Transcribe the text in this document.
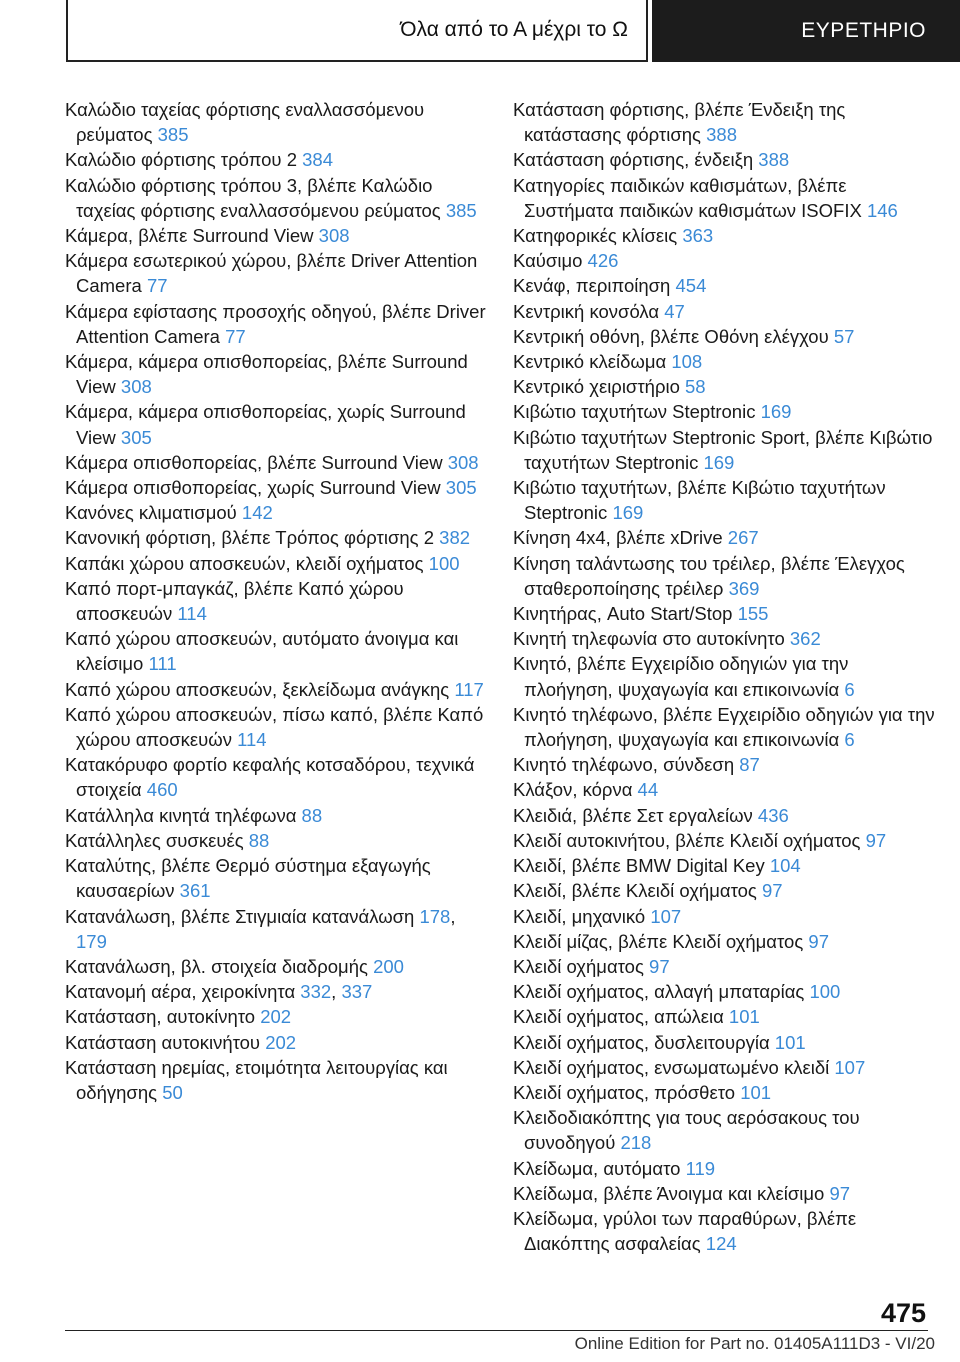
Όλα από το Α μέχρι το Ω	ΕΥΡΕΤΗΡΙΟ
Καλώδιο ταχείας φόρτισης εναλλασσόμενου ρεύματος 385
Καλώδιο φόρτισης τρόπου 2 384
Καλώδιο φόρτισης τρόπου 3, βλέπε Καλώδιο ταχείας φόρτισης εναλλασσόμενου ρεύματος 385
Κάμερα, βλέπε Surround View 308
Κάμερα εσωτερικού χώρου, βλέπε Driver Attention Camera 77
Κάμερα εφίστασης προσοχής οδηγού, βλέπε Driver Attention Camera 77
Κάμερα, κάμερα οπισθοπορείας, βλέπε Surround View 308
Κάμερα, κάμερα οπισθοπορείας, χωρίς Surround View 305
Κάμερα οπισθοπορείας, βλέπε Surround View 308
Κάμερα οπισθοπορείας, χωρίς Surround View 305
Κανόνες κλιματισμού 142
Κανονική φόρτιση, βλέπε Τρόπος φόρτισης 2 382
Καπάκι χώρου αποσκευών, κλειδί οχήματος 100
Καπό πορτ-μπαγκάζ, βλέπε Καπό χώρου αποσκευών 114
Καπό χώρου αποσκευών, αυτόματο άνοιγμα και κλείσιμο 111
Καπό χώρου αποσκευών, ξεκλείδωμα ανάγκης 117
Καπό χώρου αποσκευών, πίσω καπό, βλέπε Καπό χώρου αποσκευών 114
Κατακόρυφο φορτίο κεφαλής κοτσαδόρου, τεχνικά στοιχεία 460
Κατάλληλα κινητά τηλέφωνα 88
Κατάλληλες συσκευές 88
Καταλύτης, βλέπε Θερμό σύστημα εξαγωγής καυσαερίων 361
Κατανάλωση, βλέπε Στιγμιαία κατανάλωση 178, 179
Κατανάλωση, βλ. στοιχεία διαδρομής 200
Κατανομή αέρα, χειροκίνητα 332, 337
Κατάσταση, αυτοκίνητο 202
Κατάσταση αυτοκινήτου 202
Κατάσταση ηρεμίας, ετοιμότητα λειτουργίας και οδήγησης 50
Κατάσταση φόρτισης, βλέπε Ένδειξη της κατάστασης φόρτισης 388
Κατάσταση φόρτισης, ένδειξη 388
Κατηγορίες παιδικών καθισμάτων, βλέπε Συστήματα παιδικών καθισμάτων ISOFIX 146
Κατηφορικές κλίσεις 363
Καύσιμο 426
Κενάφ, περιποίηση 454
Κεντρική κονσόλα 47
Κεντρική οθόνη, βλέπε Οθόνη ελέγχου 57
Κεντρικό κλείδωμα 108
Κεντρικό χειριστήριο 58
Κιβώτιο ταχυτήτων Steptronic 169
Κιβώτιο ταχυτήτων Steptronic Sport, βλέπε Κιβώτιο ταχυτήτων Steptronic 169
Κιβώτιο ταχυτήτων, βλέπε Κιβώτιο ταχυτήτων Steptronic 169
Κίνηση 4x4, βλέπε xDrive 267
Κίνηση ταλάντωσης του τρέιλερ, βλέπε Έλεγχος σταθεροποίησης τρέιλερ 369
Κινητήρας, Auto Start/Stop 155
Κινητή τηλεφωνία στο αυτοκίνητο 362
Κινητό, βλέπε Εγχειρίδιο οδηγιών για την πλοήγηση, ψυχαγωγία και επικοινωνία 6
Κινητό τηλέφωνο, βλέπε Εγχειρίδιο οδηγιών για την πλοήγηση, ψυχαγωγία και επικοινωνία 6
Κινητό τηλέφωνο, σύνδεση 87
Κλάξον, κόρνα 44
Κλειδιά, βλέπε Σετ εργαλείων 436
Κλειδί αυτοκινήτου, βλέπε Κλειδί οχήματος 97
Κλειδί, βλέπε BMW Digital Key 104
Κλειδί, βλέπε Κλειδί οχήματος 97
Κλειδί, μηχανικό 107
Κλειδί μίζας, βλέπε Κλειδί οχήματος 97
Κλειδί οχήματος 97
Κλειδί οχήματος, αλλαγή μπαταρίας 100
Κλειδί οχήματος, απώλεια 101
Κλειδί οχήματος, δυσλειτουργία 101
Κλειδί οχήματος, ενσωματωμένο κλειδί 107
Κλειδί οχήματος, πρόσθετο 101
Κλειδοδιακόπτης για τους αερόσακους του συνοδηγού 218
Κλείδωμα, αυτόματο 119
Κλείδωμα, βλέπε Άνοιγμα και κλείσιμο 97
Κλείδωμα, γρύλοι των παραθύρων, βλέπε Διακόπτης ασφαλείας 124
475
Online Edition for Part no. 01405A111D3 - VI/20
